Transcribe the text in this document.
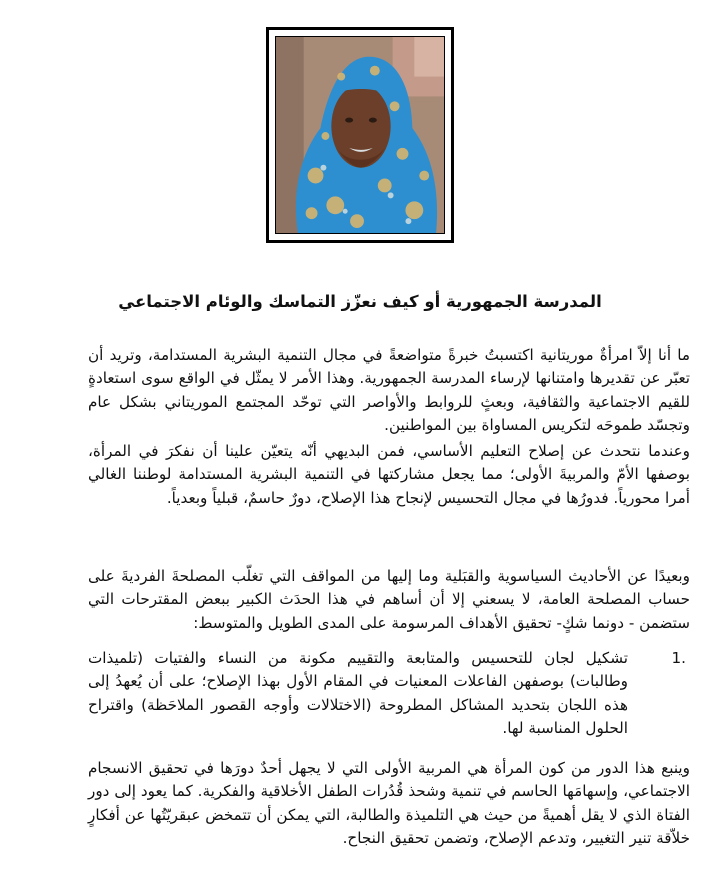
المدرسة الجمهورية أو كيف نعزّز التماسك والوئام الاجتماعي

ما أنا إلاّ امرأةٌ موريتانية اكتسبتُ خبرةً متواضعةً في مجال التنمية البشرية المستدامة، وتريد أن تعبّر عن تقديرها وامتنانها لإرساء المدرسة الجمهورية. وهذا الأمر لا يمثّل في الواقع سوى استعادةٍ للقيم الاجتماعية والثقافية، وبعثٍ للروابط والأواصر التي توحّد المجتمع الموريتاني بشكل عام وتجسّد طموحَه لتكريس المساواة بين المواطنين.

وعندما نتحدث عن إصلاح التعليم الأساسي، فمن البديهي أنّه يتعيّن علينا أن نفكرَ في المرأة، بوصفها الأمّ والمربيةَ الأولى؛ مما يجعل مشاركتها في التنمية البشرية المستدامة لوطننا الغالي أمرا محورياً. فدورُها في مجال التحسيس لإنجاح هذا الإصلاح، دورٌ حاسمٌ، قبلياً وبعدياً.

وبعيدًا عن الأحاديث السياسوية والقبَلية وما إليها من المواقف التي تغلّب المصلحةَ الفرديةَ على حساب المصلحة العامة، لا يسعني إلا أن أساهم في هذا الحدَث الكبير ببعض المقترحات التي ستضمن - دونما شكٍ- تحقيق الأهداف المرسومة على المدى الطويل والمتوسط:

1.

تشكيل لجان للتحسيس والمتابعة والتقييم مكونة من النساء والفتيات (تلميذات وطالبات) بوصفهن الفاعلات المعنيات في المقام الأول بهذا الإصلاح؛ على أن يُعهدُ إلى هذه اللجان بتحديد المشاكل المطروحة (الاختلالات وأوجه القصور الملاحَظة) واقتراح الحلول المناسبة لها.

وينبع هذا الدور من كون المرأة هي المربية الأولى التي لا يجهل أحدٌ دورَها في تحقيق الانسجام الاجتماعي، وإسهامَها الحاسم في تنمية وشحذ قُدُرات الطفل الأخلاقية والفكرية. كما يعود إلى دور الفتاة الذي لا يقل أهميةً من حيث هي التلميذة والطالبة، التي يمكن أن تتمخض عبقريّتُها عن أفكارٍ خلاّقة تنير التغيير، وتدعم الإصلاح، وتضمن تحقيق النجاح.
